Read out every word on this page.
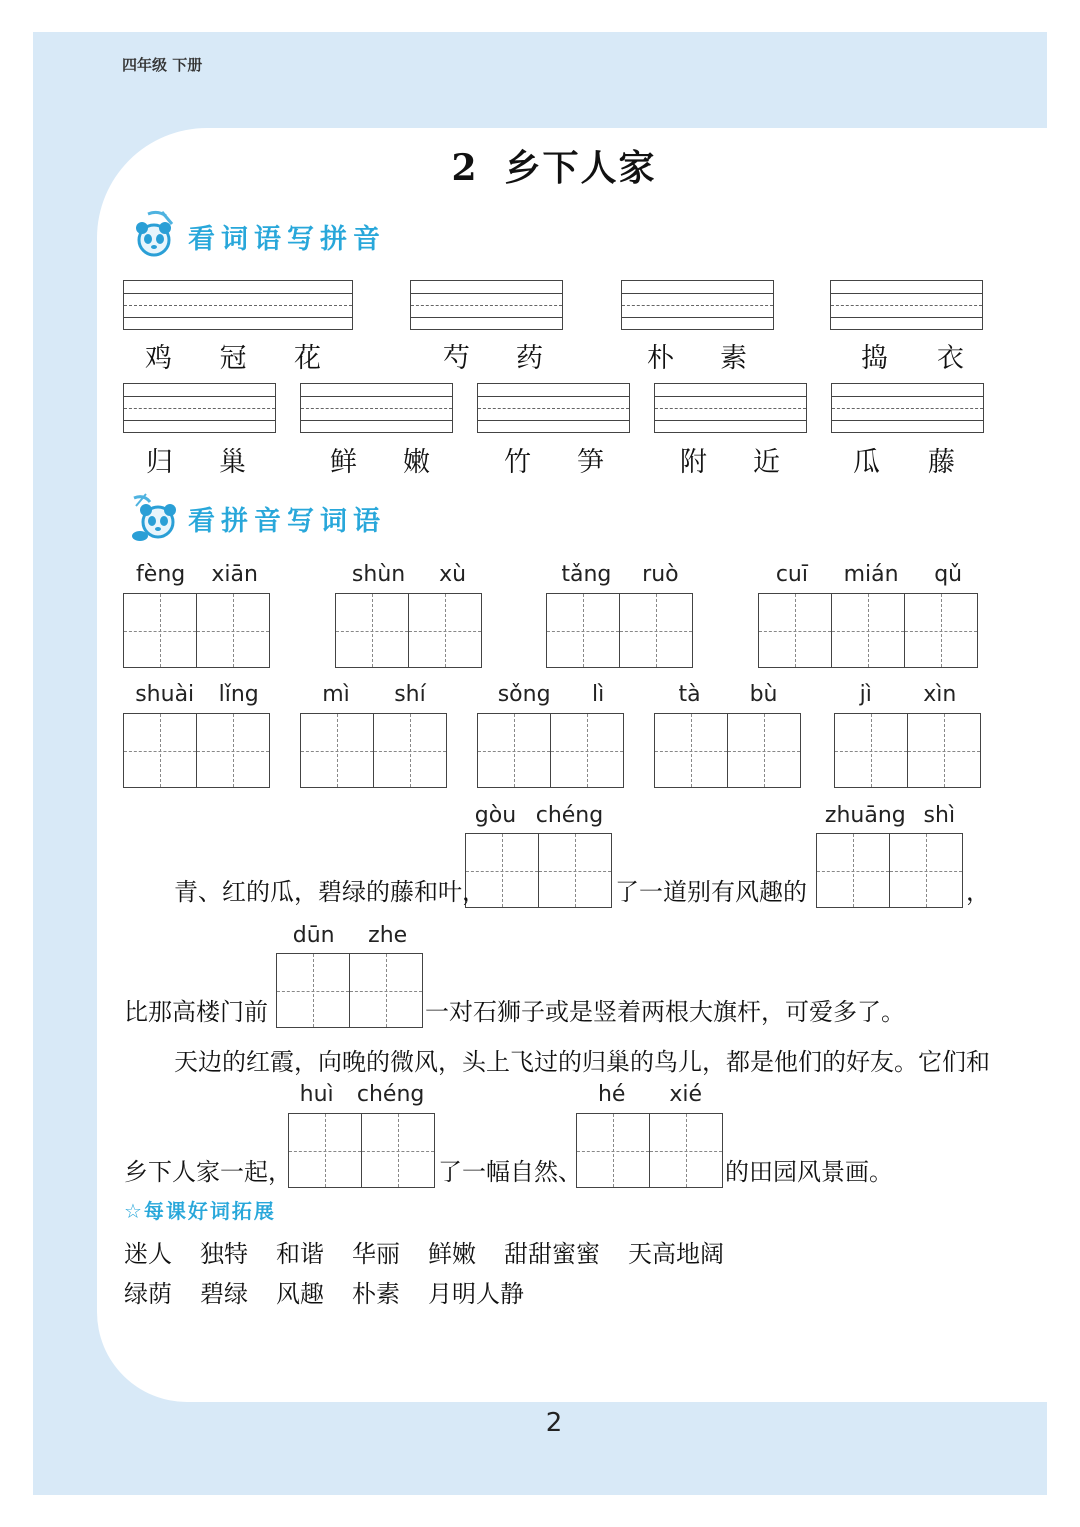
四年级 下册
2 乡下人家
看词语写拼音
鸡 冠 花	芍 药	朴 素	捣 衣
归 巢	鲜 嫩	竹 笋	附 近	瓜 藤
看拼音写词语
fèng xiān	shùn xù	tǎng ruò	cuī mián qǔ
shuài lǐng	mì shí	sǒng lì	tà bù	jì xìn
gòu chéng	zhuāng shì
青、红的瓜，碧绿的藤和叶，	了一道别有风趣的	，
dūn zhe
比那高楼门前	一对石狮子或是竖着两根大旗杆，可爱多了。
天边的红霞，向晚的微风，头上飞过的归巢的鸟儿，都是他们的好友。它们和
huì chéng	hé xié
乡下人家一起，	了一幅自然、	的田园风景画。
☆每课好词拓展
迷人 独特 和谐 华丽 鲜嫩 甜甜蜜蜜 天高地阔
绿荫 碧绿 风趣 朴素 月明人静
2
